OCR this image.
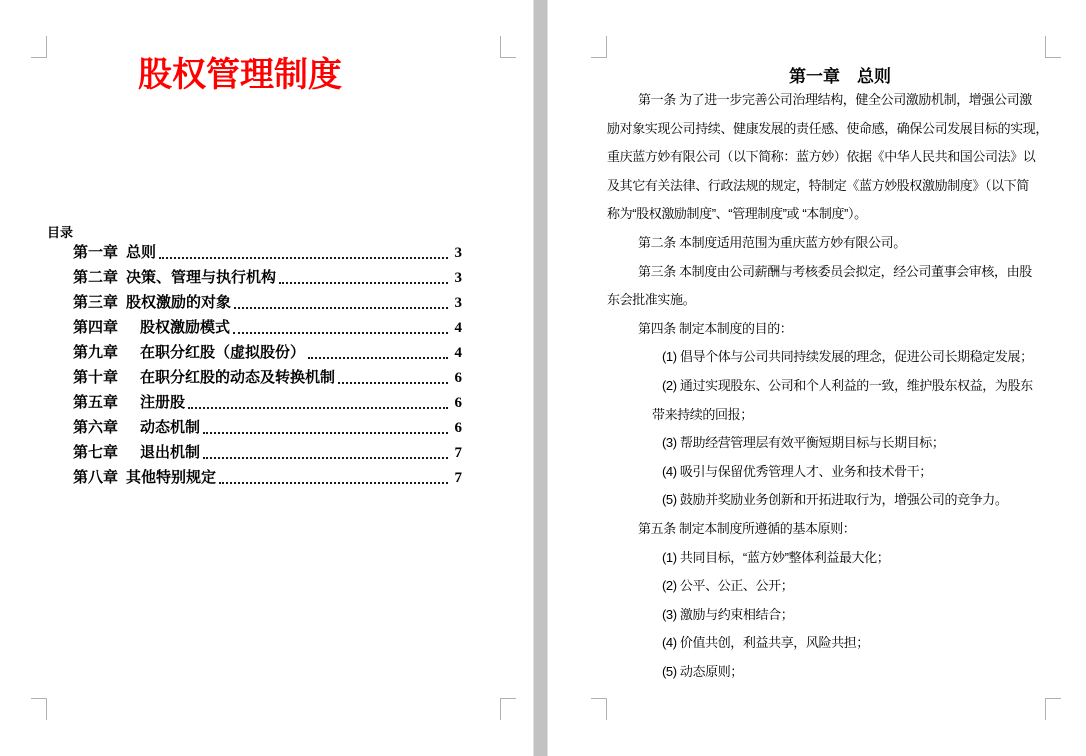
股权管理制度
目录
第一章 总则	3
第二章 决策、管理与执行机构	3
第三章 股权激励的对象	3
第四章	股权激励模式	4
第九章	在职分红股（虚拟股份）	4
第十章	在职分红股的动态及转换机制	6
第五章	注册股	6
第六章	动态机制	6
第七章	退出机制	7
第八章 其他特别规定	7
第一章　总则
第一条 为了进一步完善公司治理结构，健全公司激励机制，增强公司激
励对象实现公司持续、健康发展的责任感、使命感，确保公司发展目标的实现，
重庆蓝方妙有限公司（以下简称：蓝方妙）依据《中华人民共和国公司法》以
及其它有关法律、行政法规的规定，特制定《蓝方妙股权激励制度》（以下简
称为“股权激励制度”、“管理制度”或 “本制度”）。
第二条 本制度适用范围为重庆蓝方妙有限公司。
第三条 本制度由公司薪酬与考核委员会拟定，经公司董事会审核，由股
东会批准实施。
第四条 制定本制度的目的：
(1) 倡导个体与公司共同持续发展的理念，促进公司长期稳定发展；
(2) 通过实现股东、公司和个人利益的一致，维护股东权益，为股东
带来持续的回报；
(3) 帮助经营管理层有效平衡短期目标与长期目标；
(4) 吸引与保留优秀管理人才、业务和技术骨干；
(5) 鼓励并奖励业务创新和开拓进取行为，增强公司的竞争力。
第五条 制定本制度所遵循的基本原则：
(1) 共同目标，“蓝方妙”整体利益最大化；
(2) 公平、公正、公开；
(3) 激励与约束相结合；
(4) 价值共创，利益共享，风险共担；
(5) 动态原则；
